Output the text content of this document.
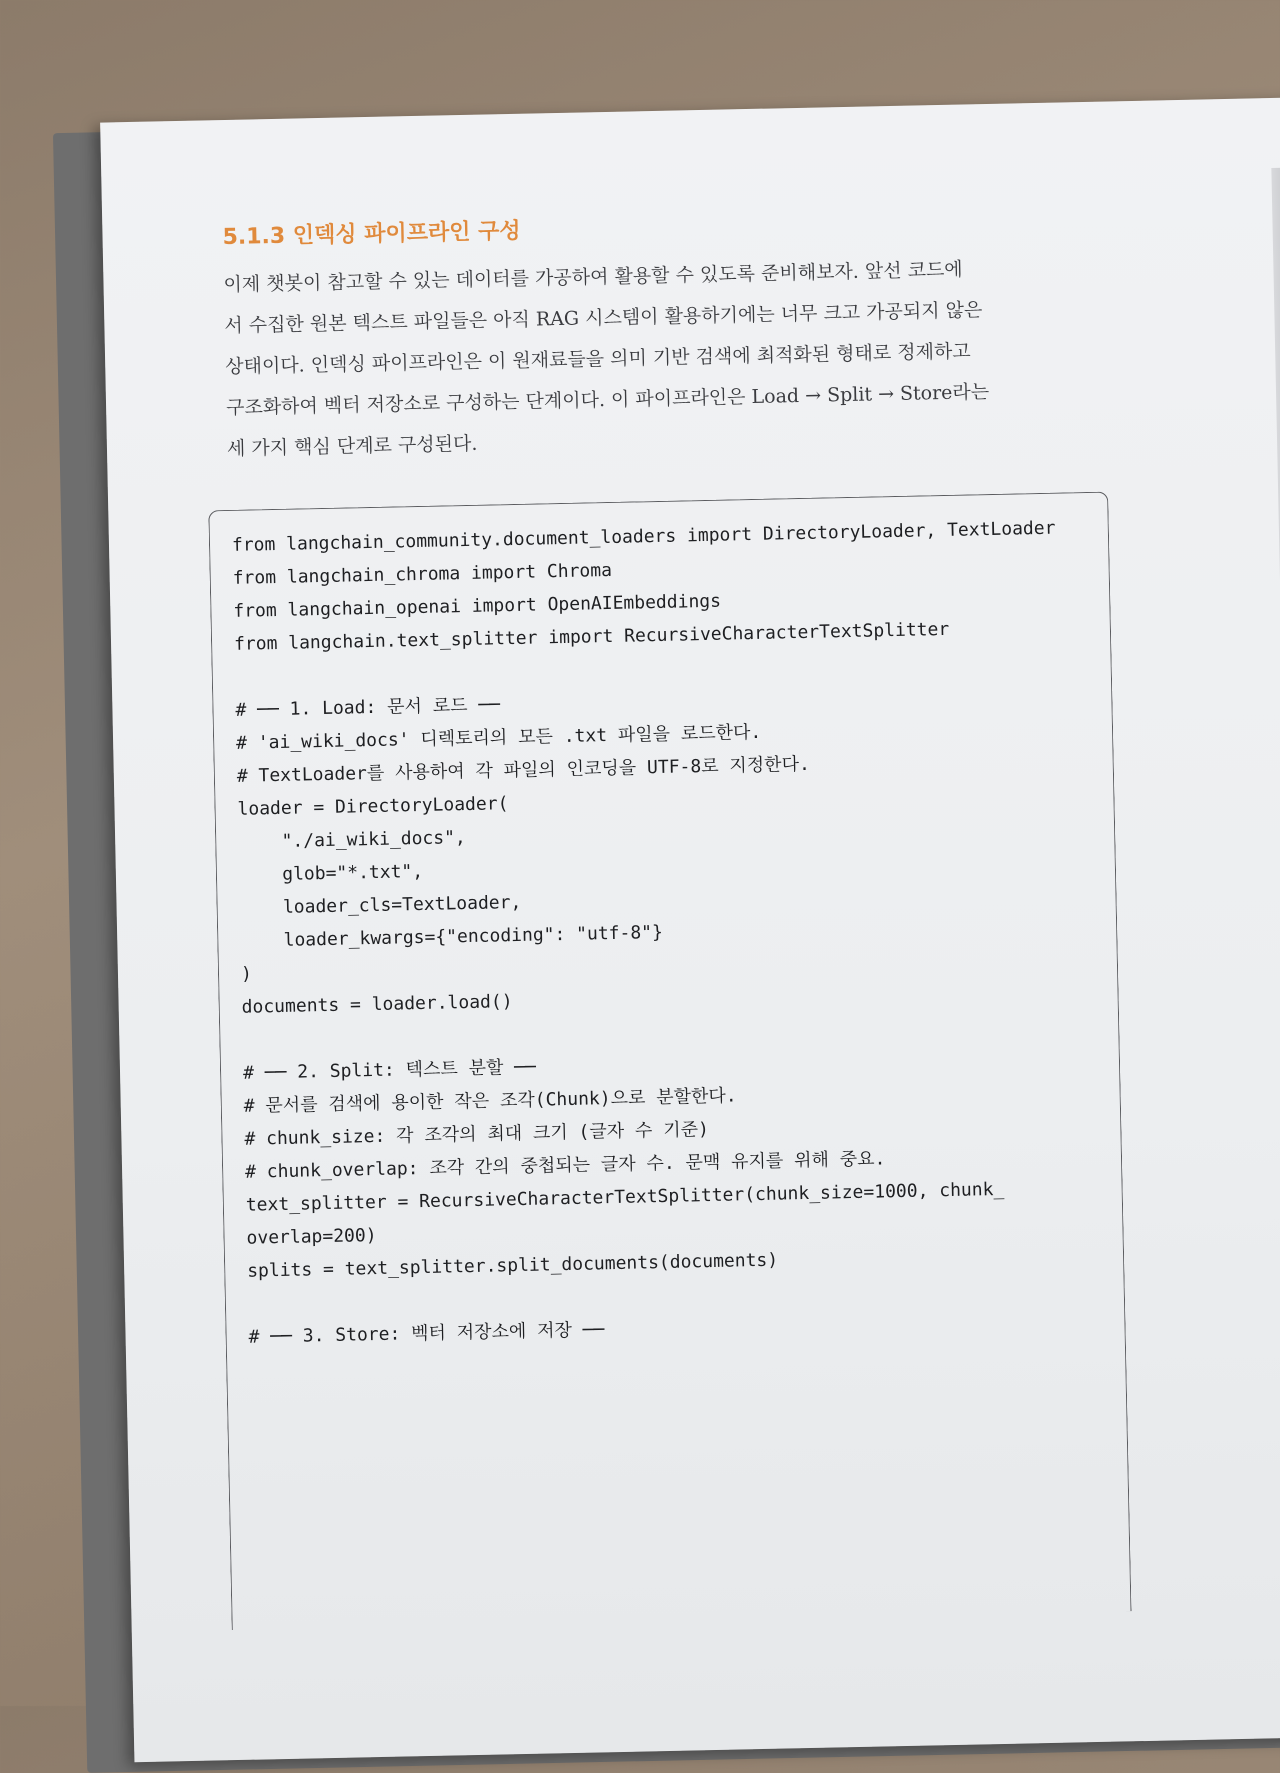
5.1.3 인덱싱 파이프라인 구성

이제 챗봇이 참고할 수 있는 데이터를 가공하여 활용할 수 있도록 준비해보자. 앞선 코드에

서 수집한 원본 텍스트 파일들은 아직 RAG 시스템이 활용하기에는 너무 크고 가공되지 않은

상태이다. 인덱싱 파이프라인은 이 원재료들을 의미 기반 검색에 최적화된 형태로 정제하고

구조화하여 벡터 저장소로 구성하는 단계이다. 이 파이프라인은 Load → Split → Store라는

세 가지 핵심 단계로 구성된다.

from langchain_community.document_loaders import DirectoryLoader, TextLoader
from langchain_chroma import Chroma
from langchain_openai import OpenAIEmbeddings
from langchain.text_splitter import RecursiveCharacterTextSplitter
# ── 1. Load: 문서 로드 ──
# 'ai_wiki_docs' 디렉토리의 모든 .txt 파일을 로드한다.
# TextLoader를 사용하여 각 파일의 인코딩을 UTF-8로 지정한다.
loader = DirectoryLoader(
"./ai_wiki_docs",
glob="*.txt",
loader_cls=TextLoader,
loader_kwargs={"encoding": "utf-8"}
)
documents = loader.load()
# ── 2. Split: 텍스트 분할 ──
# 문서를 검색에 용이한 작은 조각(Chunk)으로 분할한다.
# chunk_size: 각 조각의 최대 크기 (글자 수 기준)
# chunk_overlap: 조각 간의 중첩되는 글자 수. 문맥 유지를 위해 중요.
text_splitter = RecursiveCharacterTextSplitter(chunk_size=1000, chunk_
overlap=200)
splits = text_splitter.split_documents(documents)
# ── 3. Store: 벡터 저장소에 저장 ──
